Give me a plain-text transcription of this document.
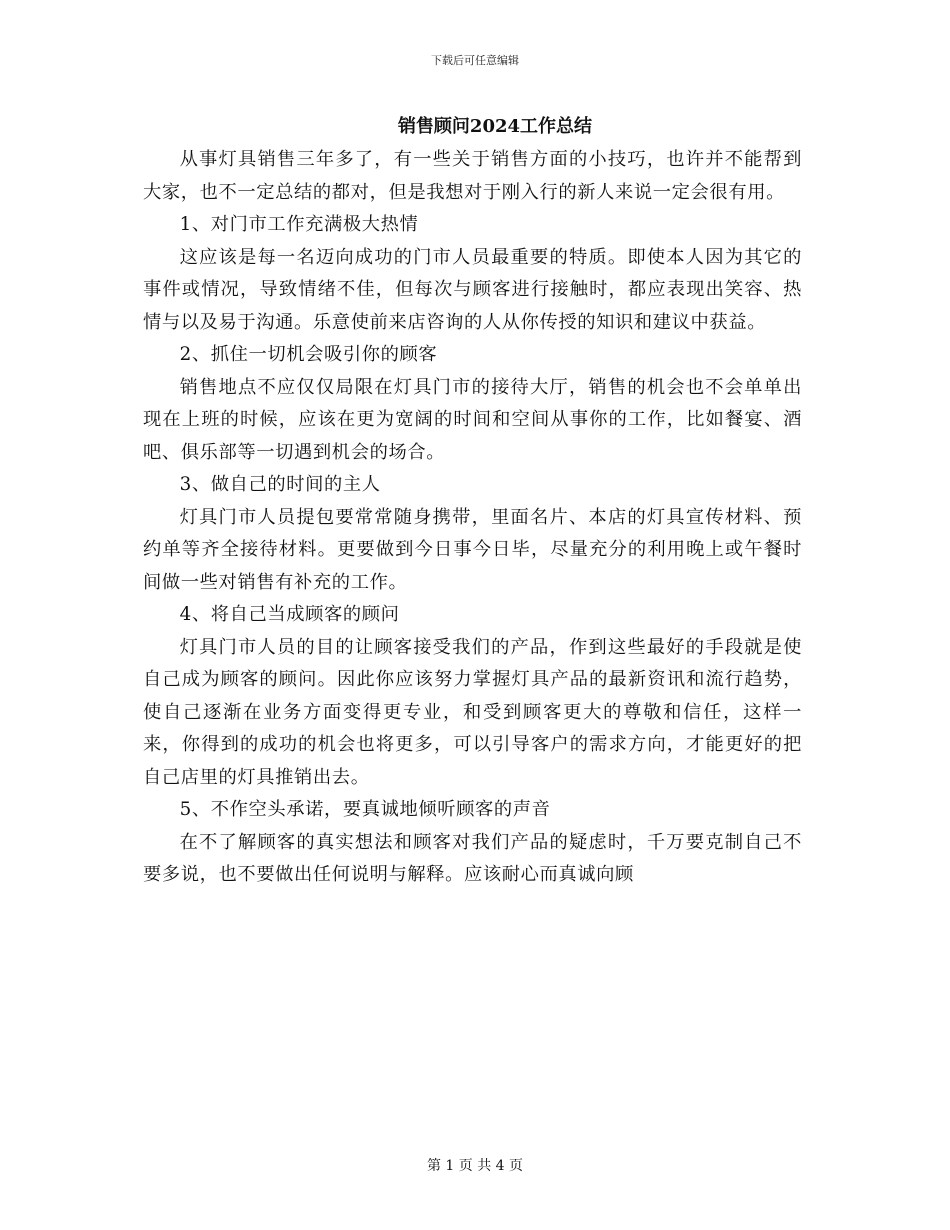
下载后可任意编辑
销售顾问2024工作总结

从事灯具销售三年多了，有一些关于销售方面的小技巧，也许并不能帮到大家，也不一定总结的都对，但是我想对于刚入行的新人来说一定会很有用。

1、对门市工作充满极大热情

这应该是每一名迈向成功的门市人员最重要的特质。即使本人因为其它的事件或情况，导致情绪不佳，但每次与顾客进行接触时，都应表现出笑容、热情与以及易于沟通。乐意使前来店咨询的人从你传授的知识和建议中获益。

2、抓住一切机会吸引你的顾客

销售地点不应仅仅局限在灯具门市的接待大厅，销售的机会也不会单单出现在上班的时候，应该在更为宽阔的时间和空间从事你的工作，比如餐宴、酒吧、俱乐部等一切遇到机会的场合。

3、做自己的时间的主人

灯具门市人员提包要常常随身携带，里面名片、本店的灯具宣传材料、预约单等齐全接待材料。更要做到今日事今日毕，尽量充分的利用晚上或午餐时间做一些对销售有补充的工作。

4、将自己当成顾客的顾问

灯具门市人员的目的让顾客接受我们的产品，作到这些最好的手段就是使自己成为顾客的顾问。因此你应该努力掌握灯具产品的最新资讯和流行趋势，使自己逐渐在业务方面变得更专业，和受到顾客更大的尊敬和信任，这样一来，你得到的成功的机会也将更多，可以引导客户的需求方向，才能更好的把自己店里的灯具推销出去。

5、不作空头承诺，要真诚地倾听顾客的声音

在不了解顾客的真实想法和顾客对我们产品的疑虑时，千万要克制自己不要多说，也不要做出任何说明与解释。应该耐心而真诚向顾

第 1 页 共 4 页
